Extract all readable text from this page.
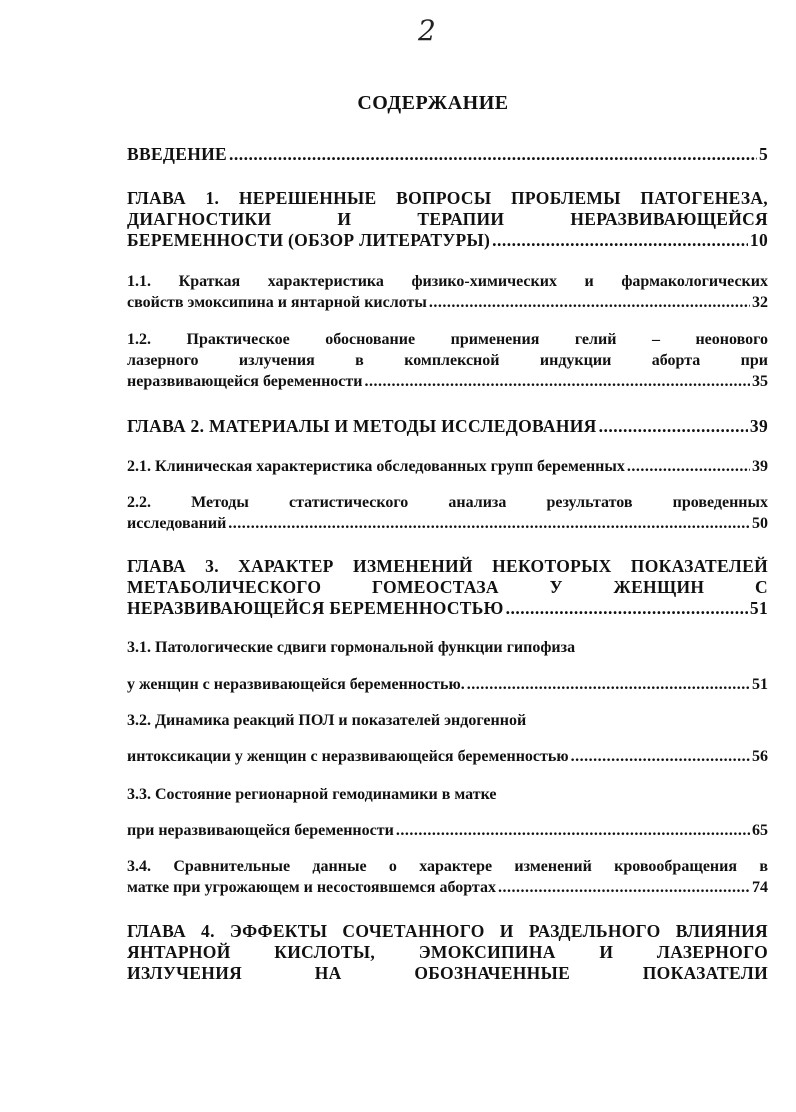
2
СОДЕРЖАНИЕ
ВВЕДЕНИЕ .....	5
ГЛАВА 1. НЕРЕШЕННЫЕ ВОПРОСЫ ПРОБЛЕМЫ ПАТОГЕНЕЗА,
ДИАГНОСТИКИ И ТЕРАПИИ НЕРАЗВИВАЮЩЕЙСЯ
БЕРЕМЕННОСТИ (ОБЗОР ЛИТЕРАТУРЫ) .....	10
1.1. Краткая характеристика физико-химических и фармакологических
свойств эмоксипина и янтарной кислоты .....	32
1.2. Практическое обоснование применения гелий – неонового
лазерного излучения в комплексной индукции аборта при
неразвивающейся беременности .....	35
ГЛАВА 2. МАТЕРИАЛЫ И МЕТОДЫ ИССЛЕДОВАНИЯ .....	39
2.1. Клиническая характеристика обследованных групп беременных .....	39
2.2. Методы статистического анализа результатов проведенных
исследований .....	50
ГЛАВА 3. ХАРАКТЕР ИЗМЕНЕНИЙ НЕКОТОРЫХ ПОКАЗАТЕЛЕЙ
МЕТАБОЛИЧЕСКОГО ГОМЕОСТАЗА У ЖЕНЩИН С
НЕРАЗВИВАЮЩЕЙСЯ БЕРЕМЕННОСТЬЮ .....	51
3.1. Патологические сдвиги гормональной функции гипофиза
у женщин с неразвивающейся беременностью. .....	51
3.2. Динамика реакций ПОЛ и показателей эндогенной
интоксикации у женщин с неразвивающейся беременностью .....	56
3.3. Состояние регионарной гемодинамики в матке
при неразвивающейся беременности .....	65
3.4. Сравнительные данные о характере изменений кровообращения в
матке при угрожающем и несостоявшемся абортах .....	74
ГЛАВА 4. ЭФФЕКТЫ СОЧЕТАННОГО И РАЗДЕЛЬНОГО ВЛИЯНИЯ
ЯНТАРНОЙ КИСЛОТЫ, ЭМОКСИПИНА И ЛАЗЕРНОГО
ИЗЛУЧЕНИЯ НА ОБОЗНАЧЕННЫЕ ПОКАЗАТЕЛИ
